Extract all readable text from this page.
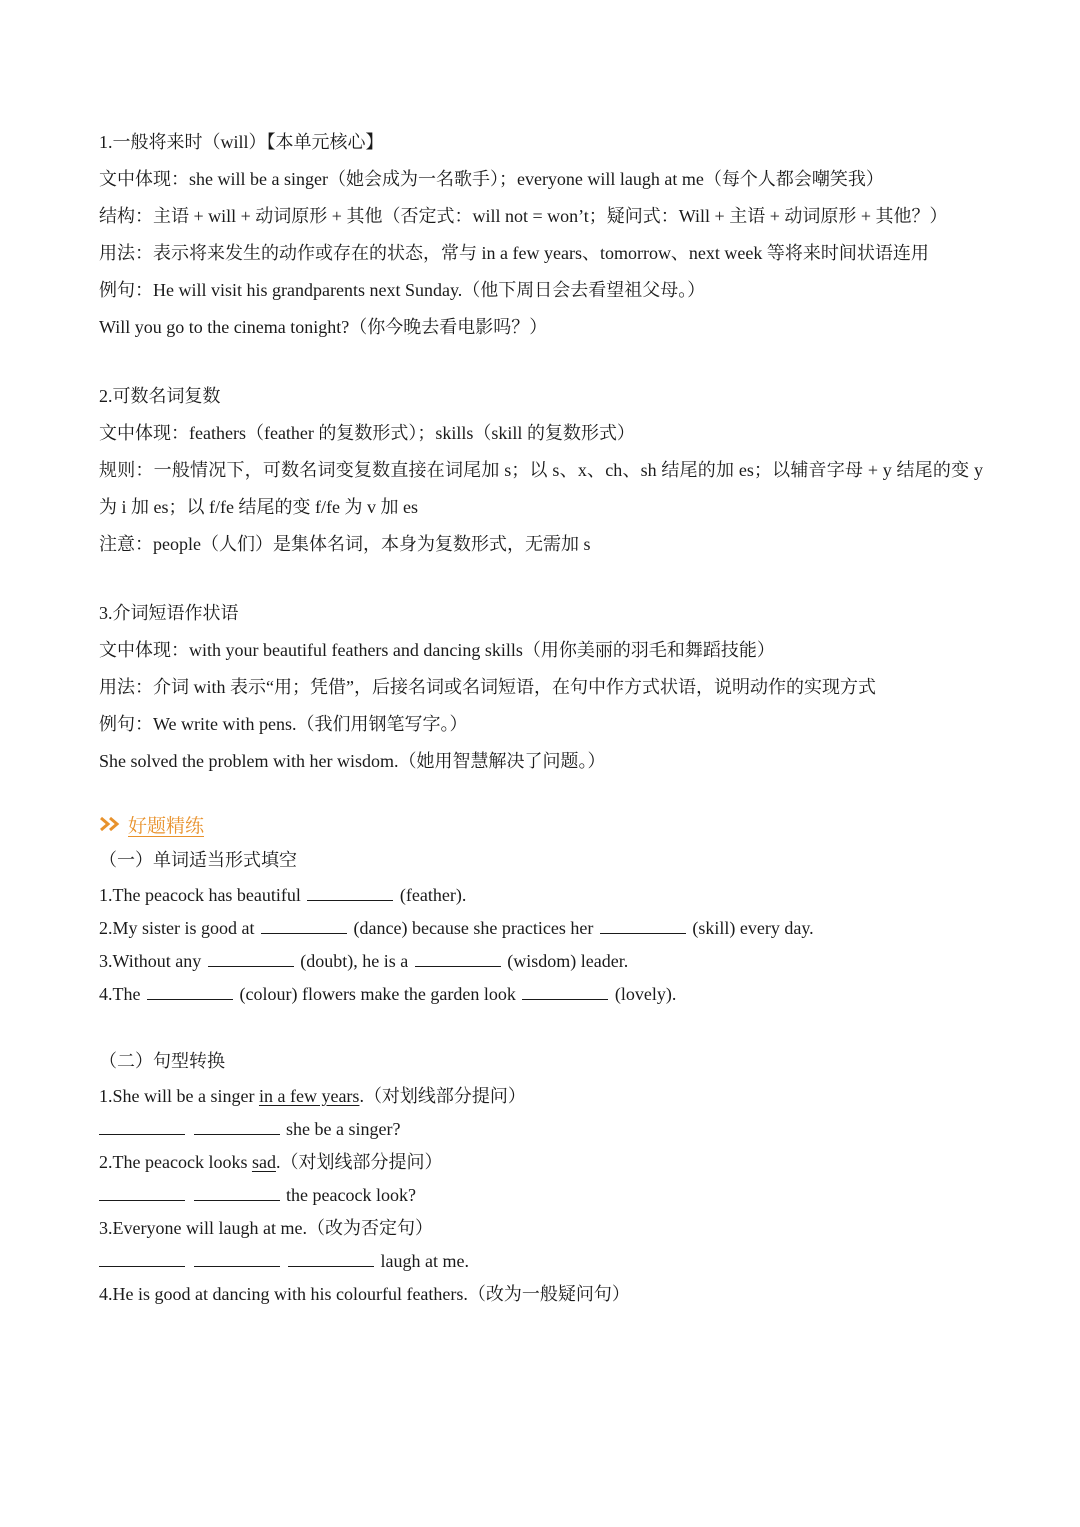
1.一般将来时（will）【本单元核心】
文中体现：she will be a singer（她会成为一名歌手）；everyone will laugh at me（每个人都会嘲笑我）
结构：主语 + will + 动词原形 + 其他（否定式：will not = won’t；疑问式：Will + 主语 + 动词原形 + 其他？）
用法：表示将来发生的动作或存在的状态，常与 in a few years、tomorrow、next week 等将来时间状语连用
例句：He will visit his grandparents next Sunday.（他下周日会去看望祖父母。）
Will you go to the cinema tonight?（你今晚去看电影吗？）
2.可数名词复数
文中体现：feathers（feather 的复数形式）；skills（skill 的复数形式）
规则：一般情况下，可数名词变复数直接在词尾加 s；以 s、x、ch、sh 结尾的加 es；以辅音字母 + y 结尾的变 y 为 i 加 es；以 f/fe 结尾的变 f/fe 为 v 加 es
注意：people（人们）是集体名词，本身为复数形式，无需加 s
3.介词短语作状语
文中体现：with your beautiful feathers and dancing skills（用你美丽的羽毛和舞蹈技能）
用法：介词 with 表示“用；凭借”，后接名词或名词短语，在句中作方式状语，说明动作的实现方式
例句：We write with pens.（我们用钢笔写字。）
She solved the problem with her wisdom.（她用智慧解决了问题。）
好题精练
（一）单词适当形式填空
1.The peacock has beautiful	(feather).
2.My sister is good at	(dance) because she practices her	(skill) every day.
3.Without any	(doubt), he is a	(wisdom) leader.
4.The	(colour) flowers make the garden look	(lovely).
（二）句型转换
1.She will be a singer in a few years.（对划线部分提问）
she be a singer?
2.The peacock looks sad.（对划线部分提问）
the peacock look?
3.Everyone will laugh at me.（改为否定句）
laugh at me.
4.He is good at dancing with his colourful feathers.（改为一般疑问句）
